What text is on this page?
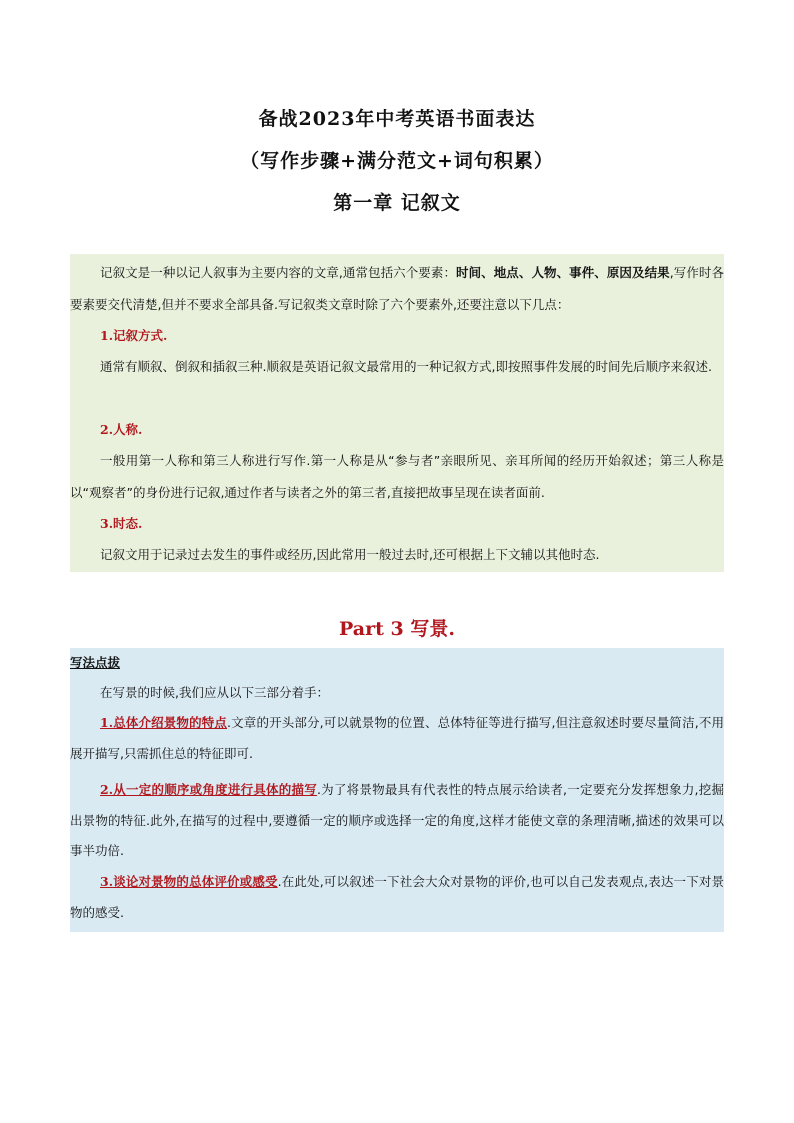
备战2023年中考英语书面表达
（写作步骤+满分范文+词句积累）
第一章 记叙文
记叙文是一种以记人叙事为主要内容的文章,通常包括六个要素：时间、地点、人物、事件、原因及结果,写作时各要素要交代清楚,但并不要求全部具备.写记叙类文章时除了六个要素外,还要注意以下几点：
1.记叙方式.
通常有顺叙、倒叙和插叙三种.顺叙是英语记叙文最常用的一种记叙方式,即按照事件发展的时间先后顺序来叙述.
2.人称.
一般用第一人称和第三人称进行写作.第一人称是从“参与者”亲眼所见、亲耳所闻的经历开始叙述；第三人称是以“观察者”的身份进行记叙,通过作者与读者之外的第三者,直接把故事呈现在读者面前.
3.时态.
记叙文用于记录过去发生的事件或经历,因此常用一般过去时,还可根据上下文辅以其他时态.
Part 3 写景.
写法点拔
在写景的时候,我们应从以下三部分着手：
1.总体介绍景物的特点.文章的开头部分,可以就景物的位置、总体特征等进行描写,但注意叙述时要尽量简洁,不用展开描写,只需抓住总的特征即可.
2.从一定的顺序或角度进行具体的描写.为了将景物最具有代表性的特点展示给读者,一定要充分发挥想象力,挖掘出景物的特征.此外,在描写的过程中,要遵循一定的顺序或选择一定的角度,这样才能使文章的条理清晰,描述的效果可以事半功倍.
3.谈论对景物的总体评价或感受.在此处,可以叙述一下社会大众对景物的评价,也可以自己发表观点,表达一下对景物的感受.
